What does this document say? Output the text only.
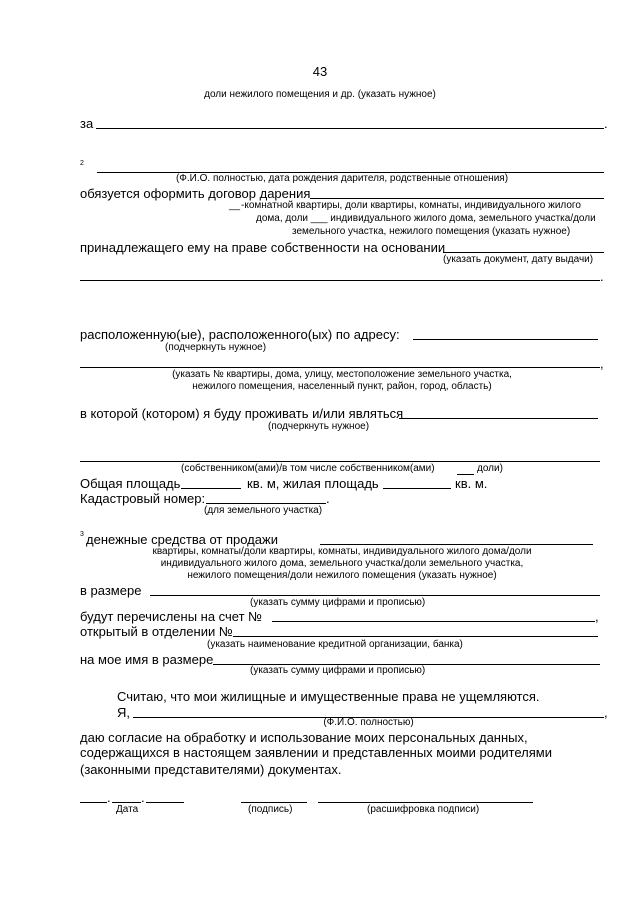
43
доли нежилого помещения и др. (указать нужное)
за	.
2
(Ф.И.О. полностью, дата рождения дарителя, родственные отношения)
обязуется оформить договор дарения
__ -комнатной квартиры, доли квартиры, комнаты, индивидуального жилого
дома, доли ___ индивидуального жилого дома, земельного участка/доли
земельного участка, нежилого помещения (указать нужное)
принадлежащего ему на праве собственности на основании
(указать документ, дату выдачи)
.
расположенную(ые), расположенного(ых) по адресу:
(подчеркнуть нужное)
,
(указать № квартиры, дома, улицу, местоположение земельного участка,
нежилого помещения, населенный пункт, район, город, область)
в которой (котором) я буду проживать и/или являться
(подчеркнуть нужное)
(собственником(ами)/в том числе собственником(ами)	доли)
Общая площадь	кв. м, жилая площадь	кв. м.
Кадастровый номер:	.
(для земельного участка)
3 денежные средства от продажи
квартиры, комнаты/доли квартиры, комнаты, индивидуального жилого дома/доли
индивидуального жилого дома, земельного участка/доли земельного участка,
нежилого помещения/доли нежилого помещения (указать нужное)
в размере
(указать сумму цифрами и прописью)
будут перечислены на счет №	,
открытый в отделении №
(указать наименование кредитной организации, банка)
на мое имя в размере
(указать сумму цифрами и прописью)
Считаю, что мои жилищные и имущественные права не ущемляются.
Я,	,
(Ф.И.О. полностью)
даю согласие на обработку и использование моих персональных данных,
содержащихся в настоящем заявлении и представленных моими родителями
(законными представителями) документах.
. .
Дата	(подпись)	(расшифровка подписи)
